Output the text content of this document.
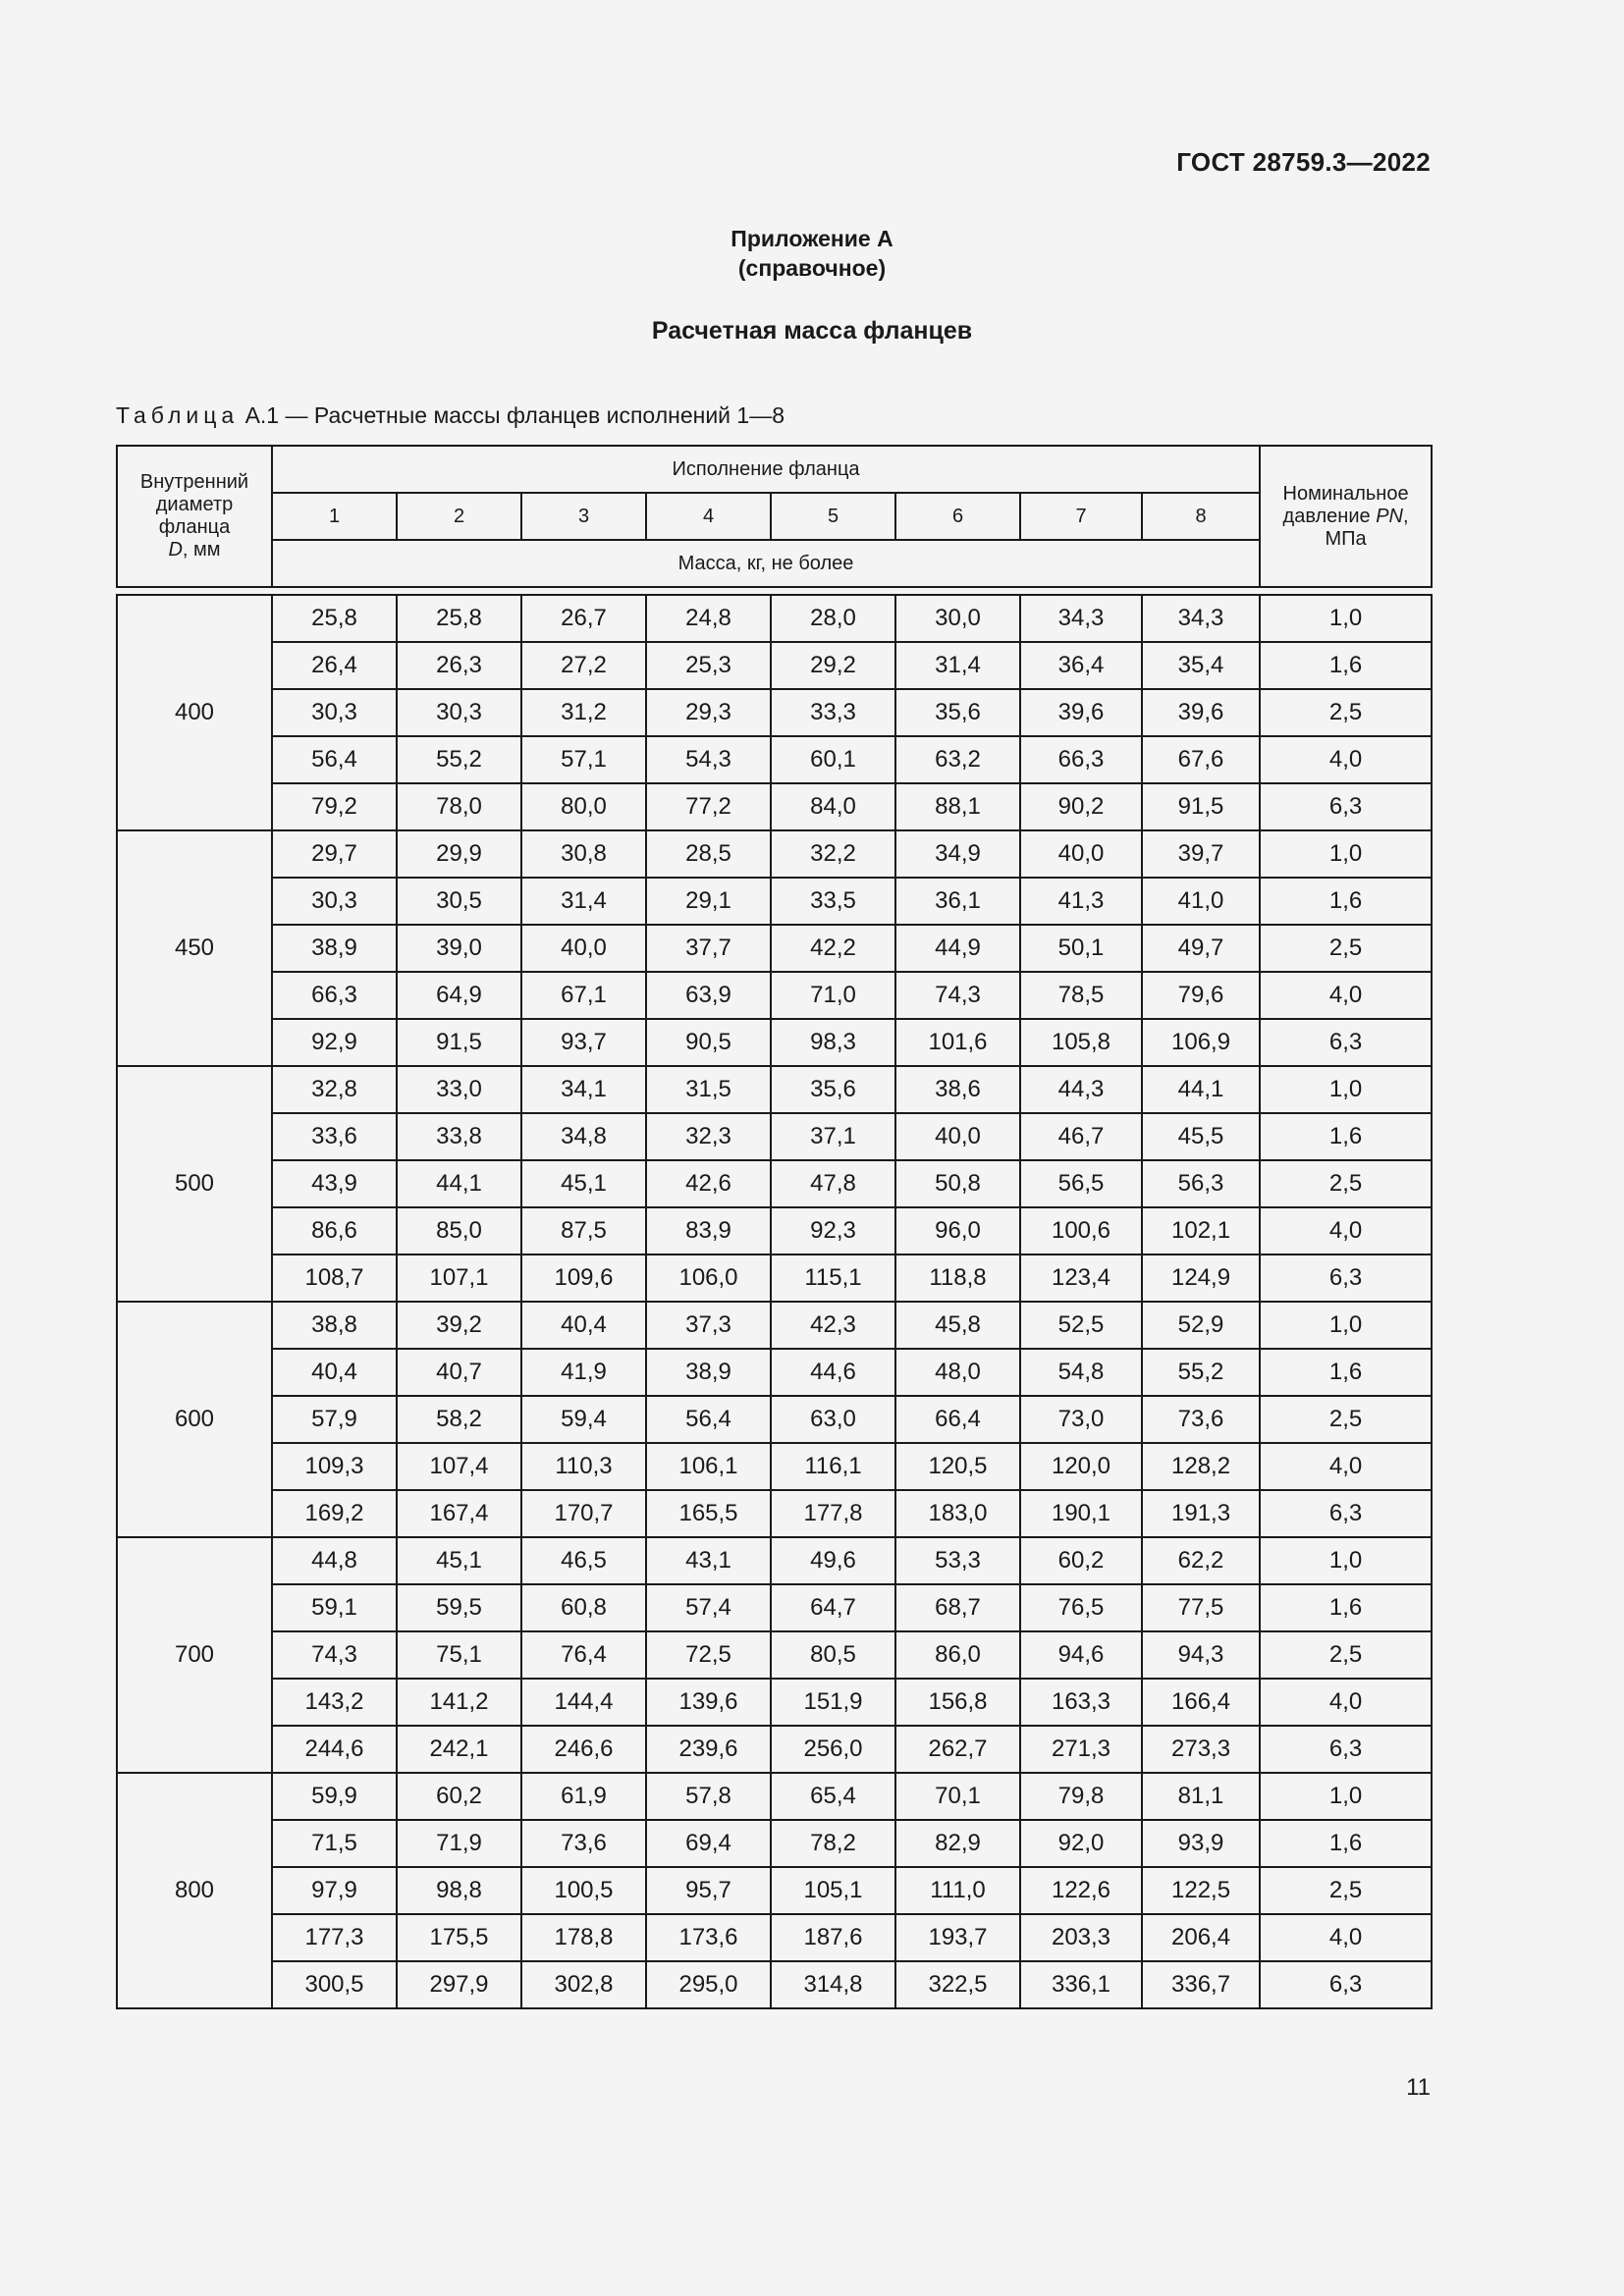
ГОСТ 28759.3—2022
Приложение А
(справочное)
Расчетная масса фланцев
Таблица А.1 — Расчетные массы фланцев исполнений 1—8
Внутренний
диаметр
фланца
D, мм	Исполнение фланца								Номинальное
давление PN,
МПа
	1	2	3	4	5	6	7	8	
	Масса, кг, не более								

400	25,8	25,8	26,7	24,8	28,0	30,0	34,3	34,3	1,0
	26,4	26,3	27,2	25,3	29,2	31,4	36,4	35,4	1,6
	30,3	30,3	31,2	29,3	33,3	35,6	39,6	39,6	2,5
	56,4	55,2	57,1	54,3	60,1	63,2	66,3	67,6	4,0
	79,2	78,0	80,0	77,2	84,0	88,1	90,2	91,5	6,3
450	29,7	29,9	30,8	28,5	32,2	34,9	40,0	39,7	1,0
	30,3	30,5	31,4	29,1	33,5	36,1	41,3	41,0	1,6
	38,9	39,0	40,0	37,7	42,2	44,9	50,1	49,7	2,5
	66,3	64,9	67,1	63,9	71,0	74,3	78,5	79,6	4,0
	92,9	91,5	93,7	90,5	98,3	101,6	105,8	106,9	6,3
500	32,8	33,0	34,1	31,5	35,6	38,6	44,3	44,1	1,0
	33,6	33,8	34,8	32,3	37,1	40,0	46,7	45,5	1,6
	43,9	44,1	45,1	42,6	47,8	50,8	56,5	56,3	2,5
	86,6	85,0	87,5	83,9	92,3	96,0	100,6	102,1	4,0
	108,7	107,1	109,6	106,0	115,1	118,8	123,4	124,9	6,3
600	38,8	39,2	40,4	37,3	42,3	45,8	52,5	52,9	1,0
	40,4	40,7	41,9	38,9	44,6	48,0	54,8	55,2	1,6
	57,9	58,2	59,4	56,4	63,0	66,4	73,0	73,6	2,5
	109,3	107,4	110,3	106,1	116,1	120,5	120,0	128,2	4,0
	169,2	167,4	170,7	165,5	177,8	183,0	190,1	191,3	6,3
700	44,8	45,1	46,5	43,1	49,6	53,3	60,2	62,2	1,0
	59,1	59,5	60,8	57,4	64,7	68,7	76,5	77,5	1,6
	74,3	75,1	76,4	72,5	80,5	86,0	94,6	94,3	2,5
	143,2	141,2	144,4	139,6	151,9	156,8	163,3	166,4	4,0
	244,6	242,1	246,6	239,6	256,0	262,7	271,3	273,3	6,3
800	59,9	60,2	61,9	57,8	65,4	70,1	79,8	81,1	1,0
	71,5	71,9	73,6	69,4	78,2	82,9	92,0	93,9	1,6
	97,9	98,8	100,5	95,7	105,1	111,0	122,6	122,5	2,5
	177,3	175,5	178,8	173,6	187,6	193,7	203,3	206,4	4,0
	300,5	297,9	302,8	295,0	314,8	322,5	336,1	336,7	6,3
11
